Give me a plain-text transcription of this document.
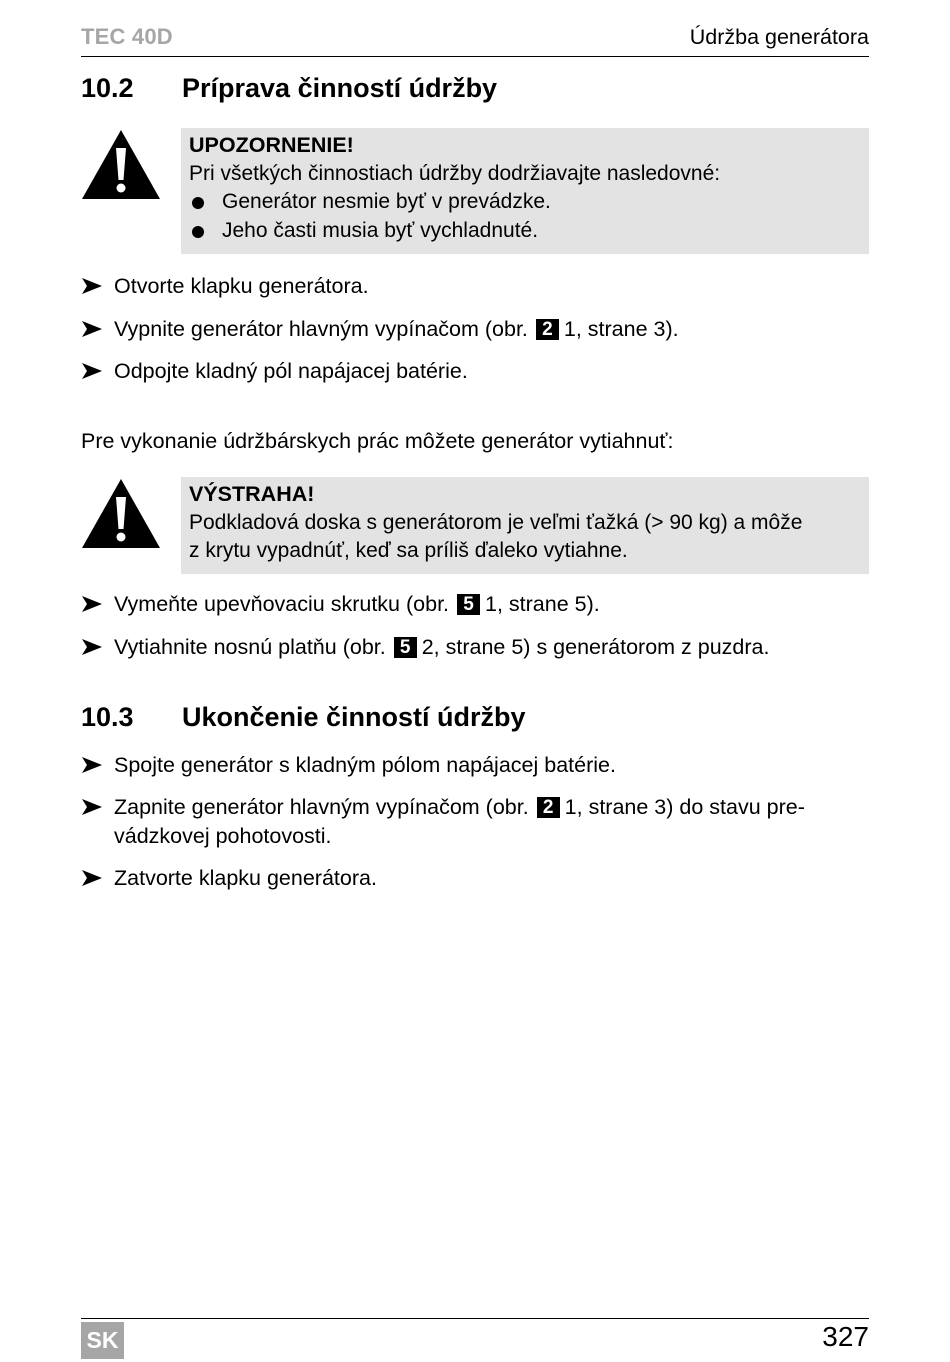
TEC 40D	Údržba generátora
10.2 Príprava činností údržby
UPOZORNENIE!
Pri všetkých činnostiach údržby dodržiavajte nasledovné:
Generátor nesmie byť v prevádzke.
Jeho časti musia byť vychladnuté.
Otvorte klapku generátora.
Vypnite generátor hlavným vypínačom (obr. 2 1, strane 3).
Odpojte kladný pól napájacej batérie.
Pre vykonanie údržbárskych prác môžete generátor vytiahnuť:
VÝSTRAHA!
Podkladová doska s generátorom je veľmi ťažká (> 90 kg) a môže
z krytu vypadnúť, keď sa príliš ďaleko vytiahne.
Vymeňte upevňovaciu skrutku (obr. 5 1, strane 5).
Vytiahnite nosnú platňu (obr. 5 2, strane 5) s generátorom z puzdra.
10.3 Ukončenie činností údržby
Spojte generátor s kladným pólom napájacej batérie.
Zapnite generátor hlavným vypínačom (obr. 2 1, strane 3) do stavu pre-
vádzkovej pohotovosti.
Zatvorte klapku generátora.
SK	327
